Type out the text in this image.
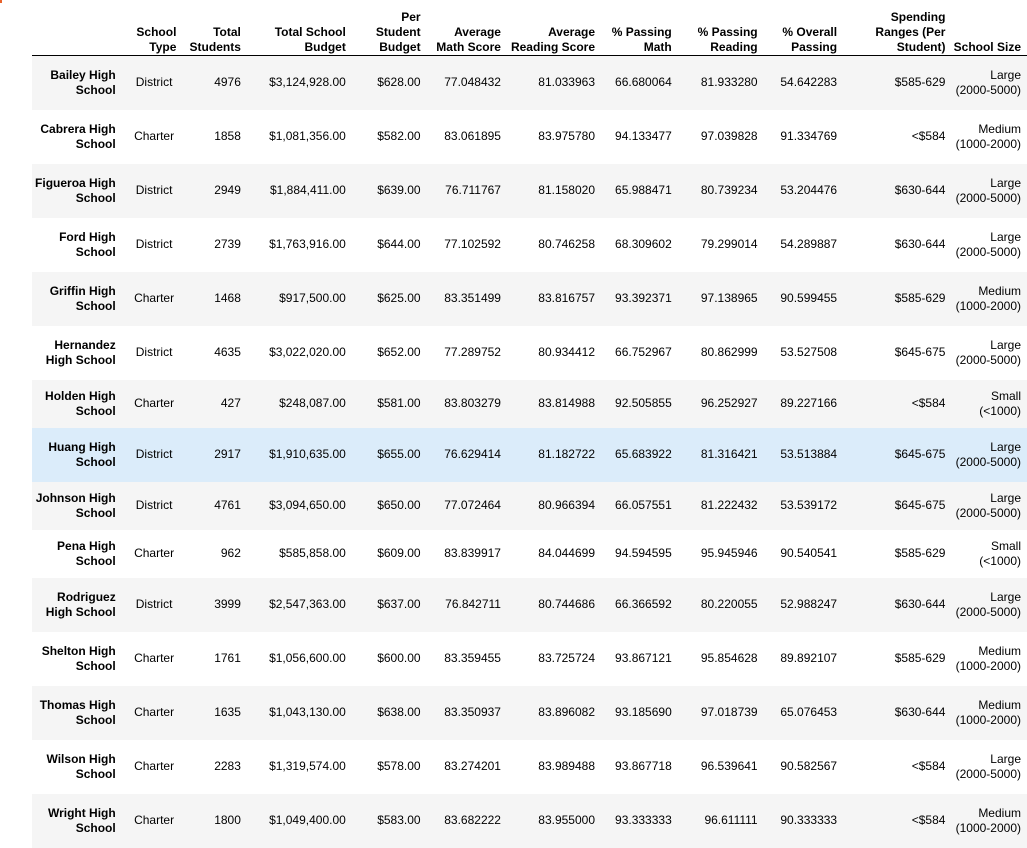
	School Type	Total Students	Total School Budget	Per Student Budget	Average Math Score	Average Reading Score	% Passing Math	% Passing Reading	% Overall Passing	Spending Ranges (Per Student)	School Size
Bailey High School	District	4976	$3,124,928.00	$628.00	77.048432	81.033963	66.680064	81.933280	54.642283	$585-629	Large (2000-5000)
Cabrera High School	Charter	1858	$1,081,356.00	$582.00	83.061895	83.975780	94.133477	97.039828	91.334769	<$584	Medium (1000-2000)
Figueroa High School	District	2949	$1,884,411.00	$639.00	76.711767	81.158020	65.988471	80.739234	53.204476	$630-644	Large (2000-5000)
Ford High School	District	2739	$1,763,916.00	$644.00	77.102592	80.746258	68.309602	79.299014	54.289887	$630-644	Large (2000-5000)
Griffin High School	Charter	1468	$917,500.00	$625.00	83.351499	83.816757	93.392371	97.138965	90.599455	$585-629	Medium (1000-2000)
Hernandez High School	District	4635	$3,022,020.00	$652.00	77.289752	80.934412	66.752967	80.862999	53.527508	$645-675	Large (2000-5000)
Holden High School	Charter	427	$248,087.00	$581.00	83.803279	83.814988	92.505855	96.252927	89.227166	<$584	Small (<1000)
Huang High School	District	2917	$1,910,635.00	$655.00	76.629414	81.182722	65.683922	81.316421	53.513884	$645-675	Large (2000-5000)
Johnson High School	District	4761	$3,094,650.00	$650.00	77.072464	80.966394	66.057551	81.222432	53.539172	$645-675	Large (2000-5000)
Pena High School	Charter	962	$585,858.00	$609.00	83.839917	84.044699	94.594595	95.945946	90.540541	$585-629	Small (<1000)
Rodriguez High School	District	3999	$2,547,363.00	$637.00	76.842711	80.744686	66.366592	80.220055	52.988247	$630-644	Large (2000-5000)
Shelton High School	Charter	1761	$1,056,600.00	$600.00	83.359455	83.725724	93.867121	95.854628	89.892107	$585-629	Medium (1000-2000)
Thomas High School	Charter	1635	$1,043,130.00	$638.00	83.350937	83.896082	93.185690	97.018739	65.076453	$630-644	Medium (1000-2000)
Wilson High School	Charter	2283	$1,319,574.00	$578.00	83.274201	83.989488	93.867718	96.539641	90.582567	<$584	Large (2000-5000)
Wright High School	Charter	1800	$1,049,400.00	$583.00	83.682222	83.955000	93.333333	96.611111	90.333333	<$584	Medium (1000-2000)
